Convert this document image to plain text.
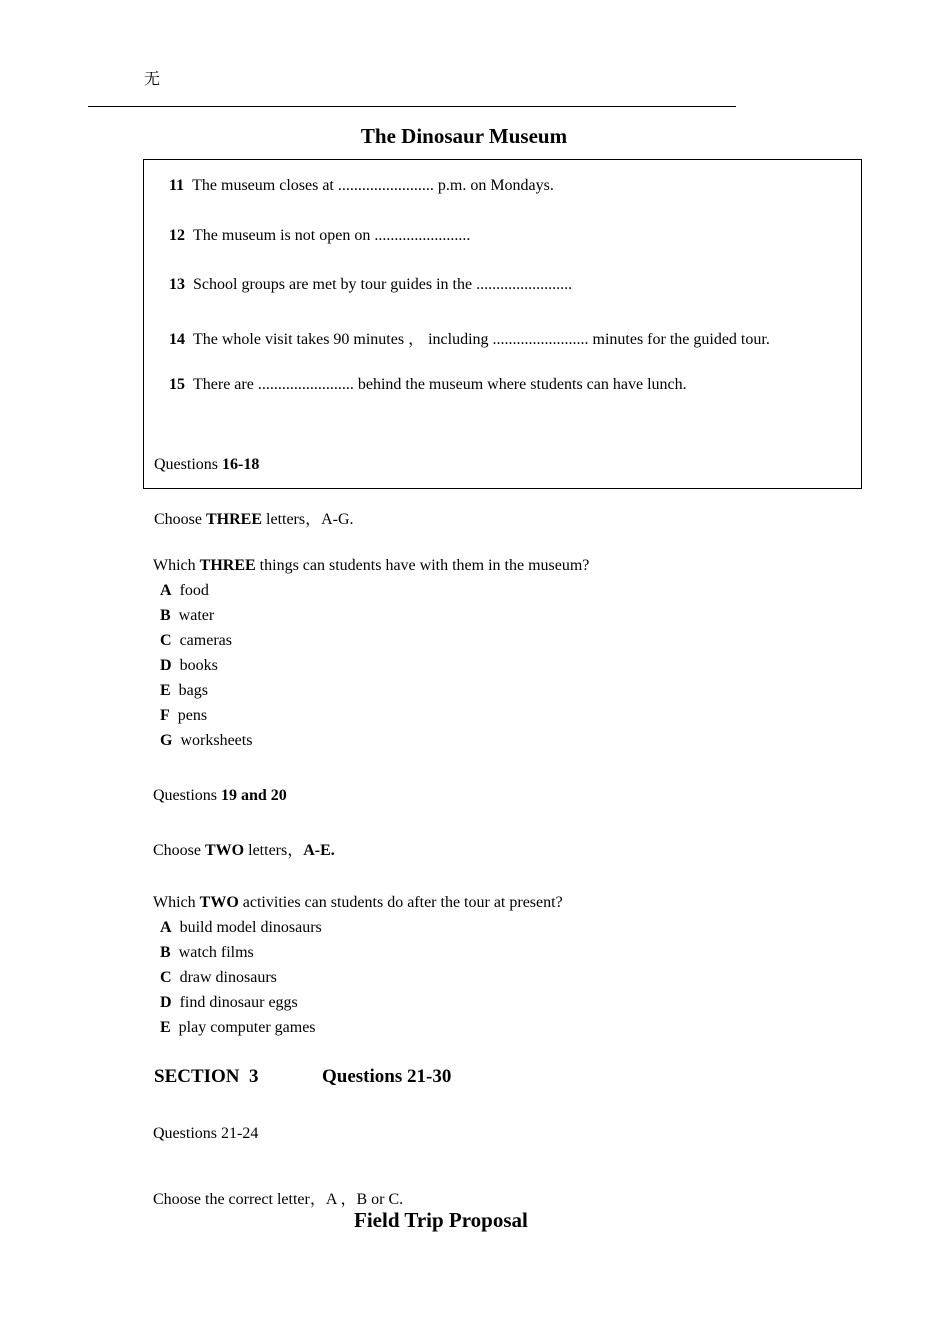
无
The Dinosaur Museum
11 The museum closes at ........................ p.m. on Mondays.
12 The museum is not open on ........................
13 School groups are met by tour guides in the ........................
14 The whole visit takes 90 minutes ， including ........................ minutes for the guided tour.
15 There are ........................ behind the museum where students can have lunch.
Questions 16-18
Choose THREE letters，A-G.
Which THREE things can students have with them in the museum?
A food
B water
C cameras
D books
E bags
F pens
G worksheets
Questions 19 and 20
Choose TWO letters，A-E.
Which TWO activities can students do after the tour at present?
A build model dinosaurs
B watch films
C draw dinosaurs
D find dinosaur eggs
E play computer games
SECTION  3	Questions 21-30
Questions 21-24
Choose the correct letter，A ，B or C.
Field Trip Proposal
